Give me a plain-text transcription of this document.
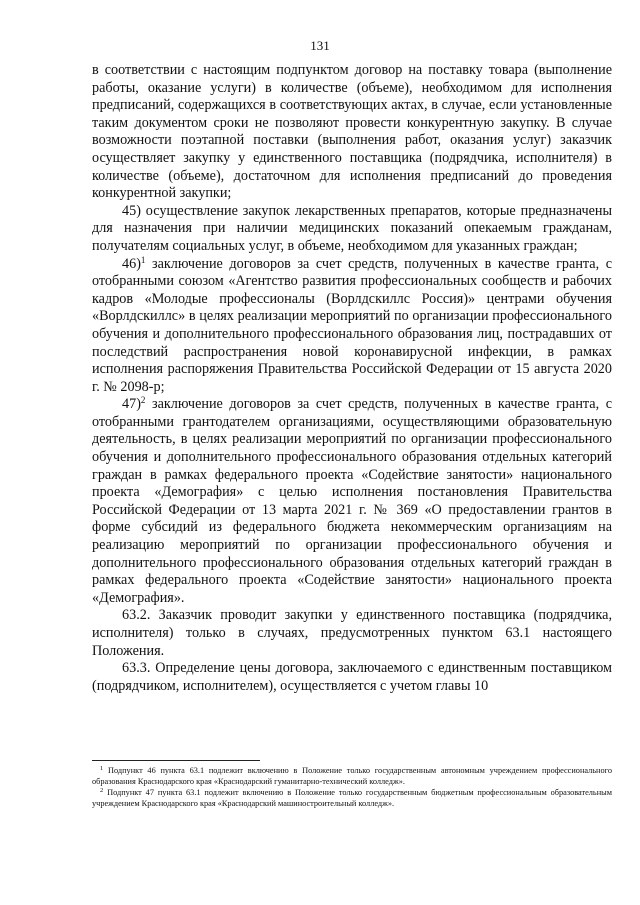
131

в соответствии с настоящим подпунктом договор на поставку товара (выполнение работы, оказание услуги) в количестве (объеме), необходимом для исполнения предписаний, содержащихся в соответствующих актах, в случае, если установленные таким документом сроки не позволяют провести конкурентную закупку. В случае возможности поэтапной поставки (выполнения работ, оказания услуг) заказчик осуществляет закупку у единственного поставщика (подрядчика, исполнителя) в количестве (объеме), достаточном для исполнения предписаний до проведения конкурентной закупки;

45) осуществление закупок лекарственных препаратов, которые предназначены для назначения при наличии медицинских показаний опекаемым гражданам, получателям социальных услуг, в объеме, необходимом для указанных граждан;

46)$^1$ заключение договоров за счет средств, полученных в качестве гранта, с отобранными союзом «Агентство развития профессиональных сообществ и рабочих кадров «Молодые профессионалы (Ворлдскиллс Россия)» центрами обучения «Ворлдскиллс» в целях реализации мероприятий по организации профессионального обучения и дополнительного профессионального образования лиц, пострадавших от последствий распространения новой коронавирусной инфекции, в рамках исполнения распоряжения Правительства Российской Федерации от 15 августа 2020 г. № 2098-р;

47)$^2$ заключение договоров за счет средств, полученных в качестве гранта, с отобранными грантодателем организациями, осуществляющими образовательную деятельность, в целях реализации мероприятий по организации профессионального обучения и дополнительного профессионального образования отдельных категорий граждан в рамках федерального проекта «Содействие занятости» национального проекта «Демография» с целью исполнения постановления Правительства Российской Федерации от 13 марта 2021 г. № 369 «О предоставлении грантов в форме субсидий из федерального бюджета некоммерческим организациям на реализацию мероприятий по организации профессионального обучения и дополнительного профессионального образования отдельных категорий граждан в рамках федерального проекта «Содействие занятости» национального проекта «Демография».

63.2. Заказчик проводит закупки у единственного поставщика (подрядчика, исполнителя) только в случаях, предусмотренных пунктом 63.1 настоящего Положения.

63.3. Определение цены договора, заключаемого с единственным поставщиком (подрядчиком, исполнителем), осуществляется с учетом главы 10

$^1$ Подпункт 46 пункта 63.1 подлежит включению в Положение только государственным автономным учреждением профессионального образования Краснодарского края «Краснодарский гуманитарно-технический колледж».

$^2$ Подпункт 47 пункта 63.1 подлежит включению в Положение только государственным бюджетным профессиональным образовательным учреждением Краснодарского края «Краснодарский машиностроительный колледж».
